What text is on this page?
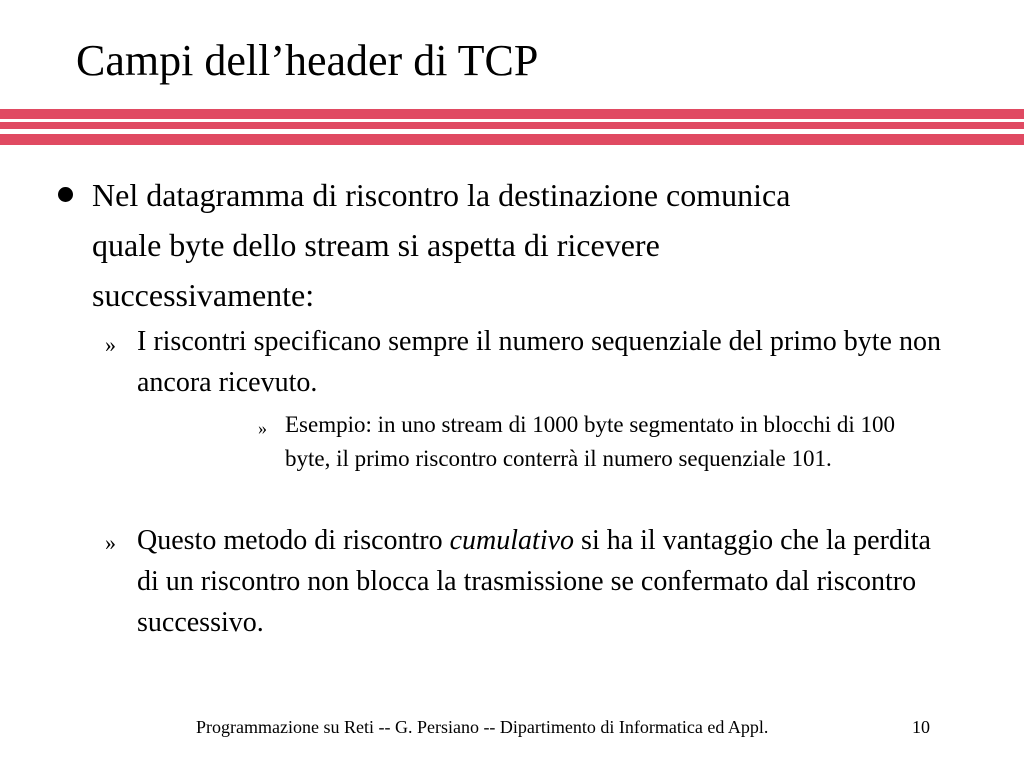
Campi dell’header di TCP
Nel datagramma di riscontro la destinazione comunica quale byte dello stream si aspetta di ricevere successivamente:
» I riscontri specificano sempre il numero sequenziale del primo byte non ancora ricevuto.
» Esempio: in uno stream di 1000 byte segmentato in blocchi di 100 byte, il primo riscontro conterrà il numero sequenziale 101.
» Questo metodo di riscontro cumulativo si ha il vantaggio che la perdita di un riscontro non blocca la trasmissione se confermato dal riscontro successivo.
Programmazione su Reti -- G. Persiano -- Dipartimento di Informatica ed Appl.	10
